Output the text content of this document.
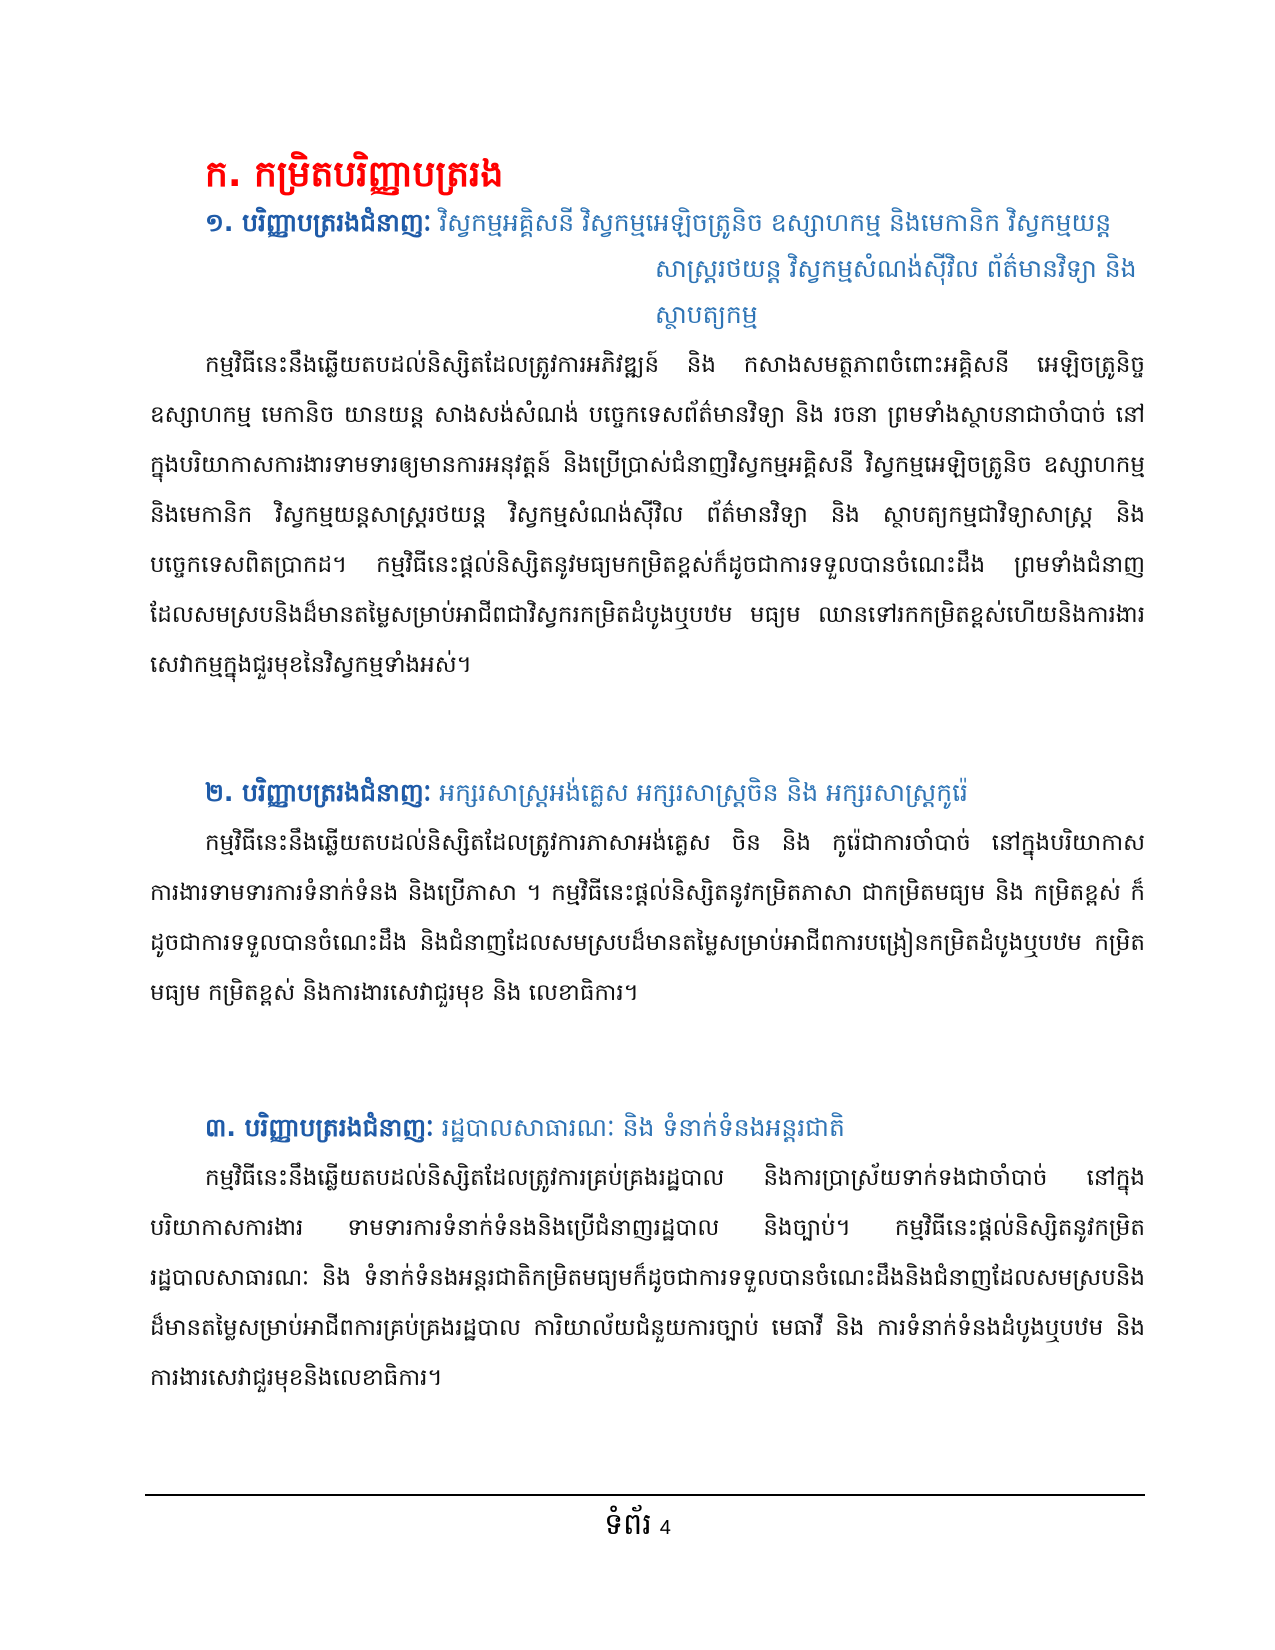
ក. កម្រិតបរិញ្ញាបត្ររង

១. បរិញ្ញាបត្ររងជំនាញៈ វិស្វកម្មអគ្គិសនី វិស្វកម្មអេឡិចត្រូនិច ឧស្សាហកម្ម និងមេកានិក វិស្វកម្មយន្តសាស្ត្ររថយន្ត វិស្វកម្មសំណង់ស៊ីវិល ព័ត៌មានវិទ្យា និង ស្ថាបត្យកម្ម

កម្មវិធីនេះនឹងឆ្លើយតបដល់និស្សិតដែលត្រូវការអភិវឌ្ឍន៍ និង កសាងសមត្ថភាពចំពោះអគ្គិសនី អេឡិចត្រូនិច្ច ឧស្សាហកម្ម មេកានិច យានយន្ត សាងសង់សំណង់ បច្ចេកទេសព័ត៌មានវិទ្យា និង រចនា ព្រមទាំងស្ថាបនាជាចាំបាច់ នៅក្នុងបរិយាកាសការងារទាមទារឲ្យមានការអនុវត្តន៍ និងប្រើប្រាស់ជំនាញវិស្វកម្មអគ្គិសនី វិស្វកម្មអេឡិចត្រូនិច ឧស្សាហកម្ម និងមេកានិក វិស្វកម្មយន្តសាស្ត្ររថយន្ត វិស្វកម្មសំណង់ស៊ីវិល ព័ត៌មានវិទ្យា និង ស្ថាបត្យកម្មជាវិទ្យាសាស្ត្រ និង បច្ចេកទេសពិតប្រាកដ។ កម្មវិធីនេះផ្តល់និស្សិតនូវមធ្យមកម្រិតខ្ពស់ក៏ដូចជាការទទួលបានចំណេះដឹង ព្រមទាំងជំនាញដែលសមស្របនិងដ៏មានតម្លៃសម្រាប់អាជីពជាវិស្វករកម្រិតដំបូងឬបឋម មធ្យម ឈានទៅរកកម្រិតខ្ពស់ហើយនិងការងារសេវាកម្មក្នុងជួរមុខនៃវិស្វកម្មទាំងអស់។

២. បរិញ្ញាបត្ររងជំនាញៈ អក្សរសាស្ត្រអង់គ្លេស អក្សរសាស្ត្រចិន និង អក្សរសាស្ត្រកូរ៉េ

កម្មវិធីនេះនឹងឆ្លើយតបដល់និស្សិតដែលត្រូវការភាសាអង់គ្លេស ចិន និង កូរ៉េជាការចាំបាច់ នៅក្នុងបរិយាកាសការងារទាមទារការទំនាក់ទំនង និងប្រើភាសា ។ កម្មវិធីនេះផ្តល់និស្សិតនូវកម្រិតភាសា ជាកម្រិតមធ្យម និង កម្រិតខ្ពស់ ក៏ដូចជាការទទួលបានចំណេះដឹង និងជំនាញដែលសមស្របដ៏មានតម្លៃសម្រាប់អាជីពការបង្រៀនកម្រិតដំបូងឬបឋម កម្រិតមធ្យម កម្រិតខ្ពស់ និងការងារសេវាជួរមុខ និង លេខាធិការ។

៣. បរិញ្ញាបត្ររងជំនាញៈ រដ្ឋបាលសាធារណៈ និង ទំនាក់ទំនងអន្តរជាតិ

កម្មវិធីនេះនឹងឆ្លើយតបដល់និស្សិតដែលត្រូវការគ្រប់គ្រងរដ្ឋបាល និងការប្រាស្រ័យទាក់ទងជាចាំបាច់ នៅក្នុងបរិយាកាសការងារ ទាមទារការទំនាក់ទំនងនិងប្រើជំនាញរដ្ឋបាល និងច្បាប់។ កម្មវិធីនេះផ្តល់និស្សិតនូវកម្រិតរដ្ឋបាលសាធារណៈ និង ទំនាក់ទំនងអន្តរជាតិកម្រិតមធ្យមក៏ដូចជាការទទួលបានចំណេះដឹងនិងជំនាញដែលសមស្របនិងដ៏មានតម្លៃសម្រាប់អាជីពការគ្រប់គ្រងរដ្ឋបាល ការិយាល័យជំនួយការច្បាប់ មេធាវី និង ការទំនាក់ទំនងដំបូងឬបឋម និងការងារសេវាជួរមុខនិងលេខាធិការ។

ទំព័រ 4
